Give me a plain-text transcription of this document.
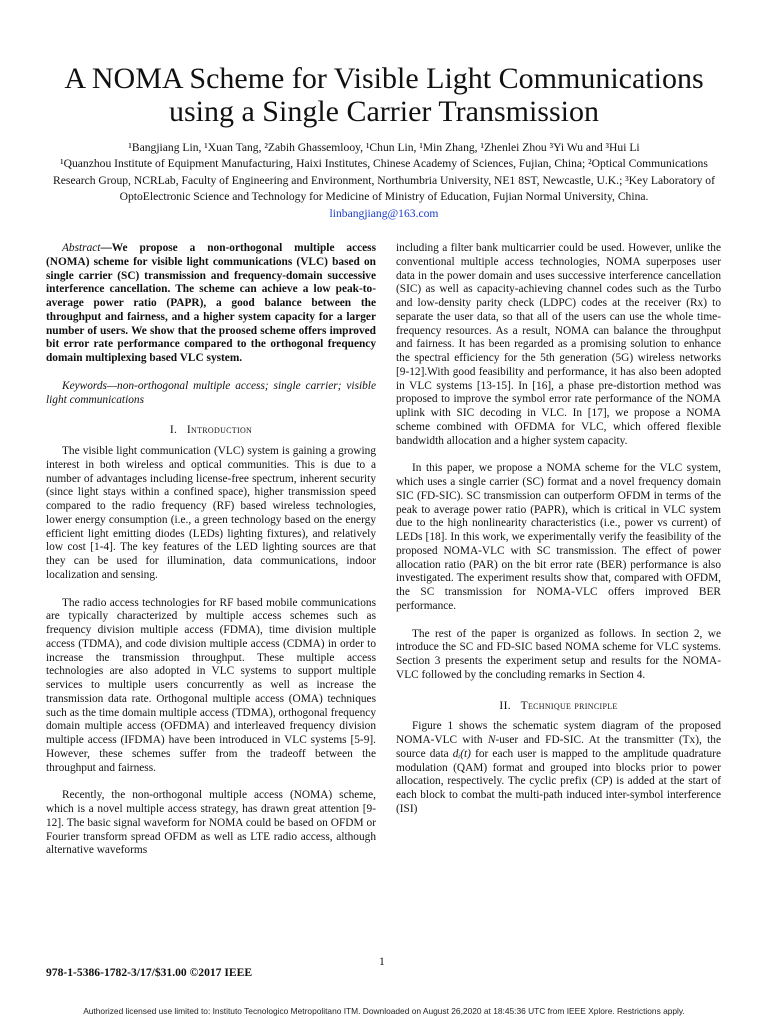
A NOMA Scheme for Visible Light Communications
using a Single Carrier Transmission
¹Bangjiang Lin, ¹Xuan Tang, ²Zabih Ghassemlooy, ¹Chun Lin, ¹Min Zhang, ¹Zhenlei Zhou ³Yi Wu and ³Hui Li
¹Quanzhou Institute of Equipment Manufacturing, Haixi Institutes, Chinese Academy of Sciences, Fujian, China; ²Optical Communications Research Group, NCRLab, Faculty of Engineering and Environment, Northumbria University, NE1 8ST, Newcastle, U.K.; ³Key Laboratory of OptoElectronic Science and Technology for Medicine of Ministry of Education, Fujian Normal University, China.
linbangjiang@163.com

Abstract—We propose a non-orthogonal multiple access (NOMA) scheme for visible light communications (VLC) based on single carrier (SC) transmission and frequency-domain successive interference cancellation. The scheme can achieve a low peak-to-average power ratio (PAPR), a good balance between the throughput and fairness, and a higher system capacity for a larger number of users. We show that the proosed scheme offers improved bit error rate performance compared to the orthogonal frequency domain multiplexing based VLC system.

Keywords—non-orthogonal multiple access; single carrier; visible light communications

I. Introduction

The visible light communication (VLC) system is gaining a growing interest in both wireless and optical communities. This is due to a number of advantages including license-free spectrum, inherent security (since light stays within a confined space), higher transmission speed compared to the radio frequency (RF) based wireless technologies, lower energy consumption (i.e., a green technology based on the energy efficient light emitting diodes (LEDs) lighting fixtures), and relatively low cost [1-4]. The key features of the LED lighting sources are that they can be used for illumination, data communications, indoor localization and sensing.

The radio access technologies for RF based mobile communications are typically characterized by multiple access schemes such as frequency division multiple access (FDMA), time division multiple access (TDMA), and code division multiple access (CDMA) in order to increase the transmission throughput. These multiple access technologies are also adopted in VLC systems to support multiple services to multiple users concurrently as well as increase the transmission data rate. Orthogonal multiple access (OMA) techniques such as the time domain multiple access (TDMA), orthogonal frequency domain multiple access (OFDMA) and interleaved frequency division multiple access (IFDMA) have been introduced in VLC systems [5-9]. However, these schemes suffer from the tradeoff between the throughput and fairness.

Recently, the non-orthogonal multiple access (NOMA) scheme, which is a novel multiple access strategy, has drawn great attention [9-12]. The basic signal waveform for NOMA could be based on OFDM or Fourier transform spread OFDM as well as LTE radio access, although alternative waveforms

including a filter bank multicarrier could be used. However, unlike the conventional multiple access technologies, NOMA superposes user data in the power domain and uses successive interference cancellation (SIC) as well as capacity-achieving channel codes such as the Turbo and low-density parity check (LDPC) codes at the receiver (Rx) to separate the user data, so that all of the users can use the whole time-frequency resources. As a result, NOMA can balance the throughput and fairness. It has been regarded as a promising solution to enhance the spectral efficiency for the 5th generation (5G) wireless networks [9-12].With good feasibility and performance, it has also been adopted in VLC systems [13-15]. In [16], a phase pre-distortion method was proposed to improve the symbol error rate performance of the NOMA uplink with SIC decoding in VLC. In [17], we propose a NOMA scheme combined with OFDMA for VLC, which offered flexible bandwidth allocation and a higher system capacity.

In this paper, we propose a NOMA scheme for the VLC system, which uses a single carrier (SC) format and a novel frequency domain SIC (FD-SIC). SC transmission can outperform OFDM in terms of the peak to average power ratio (PAPR), which is critical in VLC system due to the high nonlinearity characteristics (i.e., power vs current) of LEDs [18]. In this work, we experimentally verify the feasibility of the proposed NOMA-VLC with SC transmission. The effect of power allocation ratio (PAR) on the bit error rate (BER) performance is also investigated. The experiment results show that, compared with OFDM, the SC transmission for NOMA-VLC offers improved BER performance.

The rest of the paper is organized as follows. In section 2, we introduce the SC and FD-SIC based NOMA scheme for VLC systems. Section 3 presents the experiment setup and results for the NOMA-VLC followed by the concluding remarks in Section 4.

II. Technique principle

Figure 1 shows the schematic system diagram of the proposed NOMA-VLC with N-user and FD-SIC. At the transmitter (Tx), the source data dᵢ(t) for each user is mapped to the amplitude quadrature modulation (QAM) format and grouped into blocks prior to power allocation, respectively. The cyclic prefix (CP) is added at the start of each block to combat the multi-path induced inter-symbol interference (ISI)

1
978-1-5386-1782-3/17/$31.00 ©2017 IEEE
Authorized licensed use limited to: Instituto Tecnologico Metropolitano ITM. Downloaded on August 26,2020 at 18:45:36 UTC from IEEE Xplore. Restrictions apply.
